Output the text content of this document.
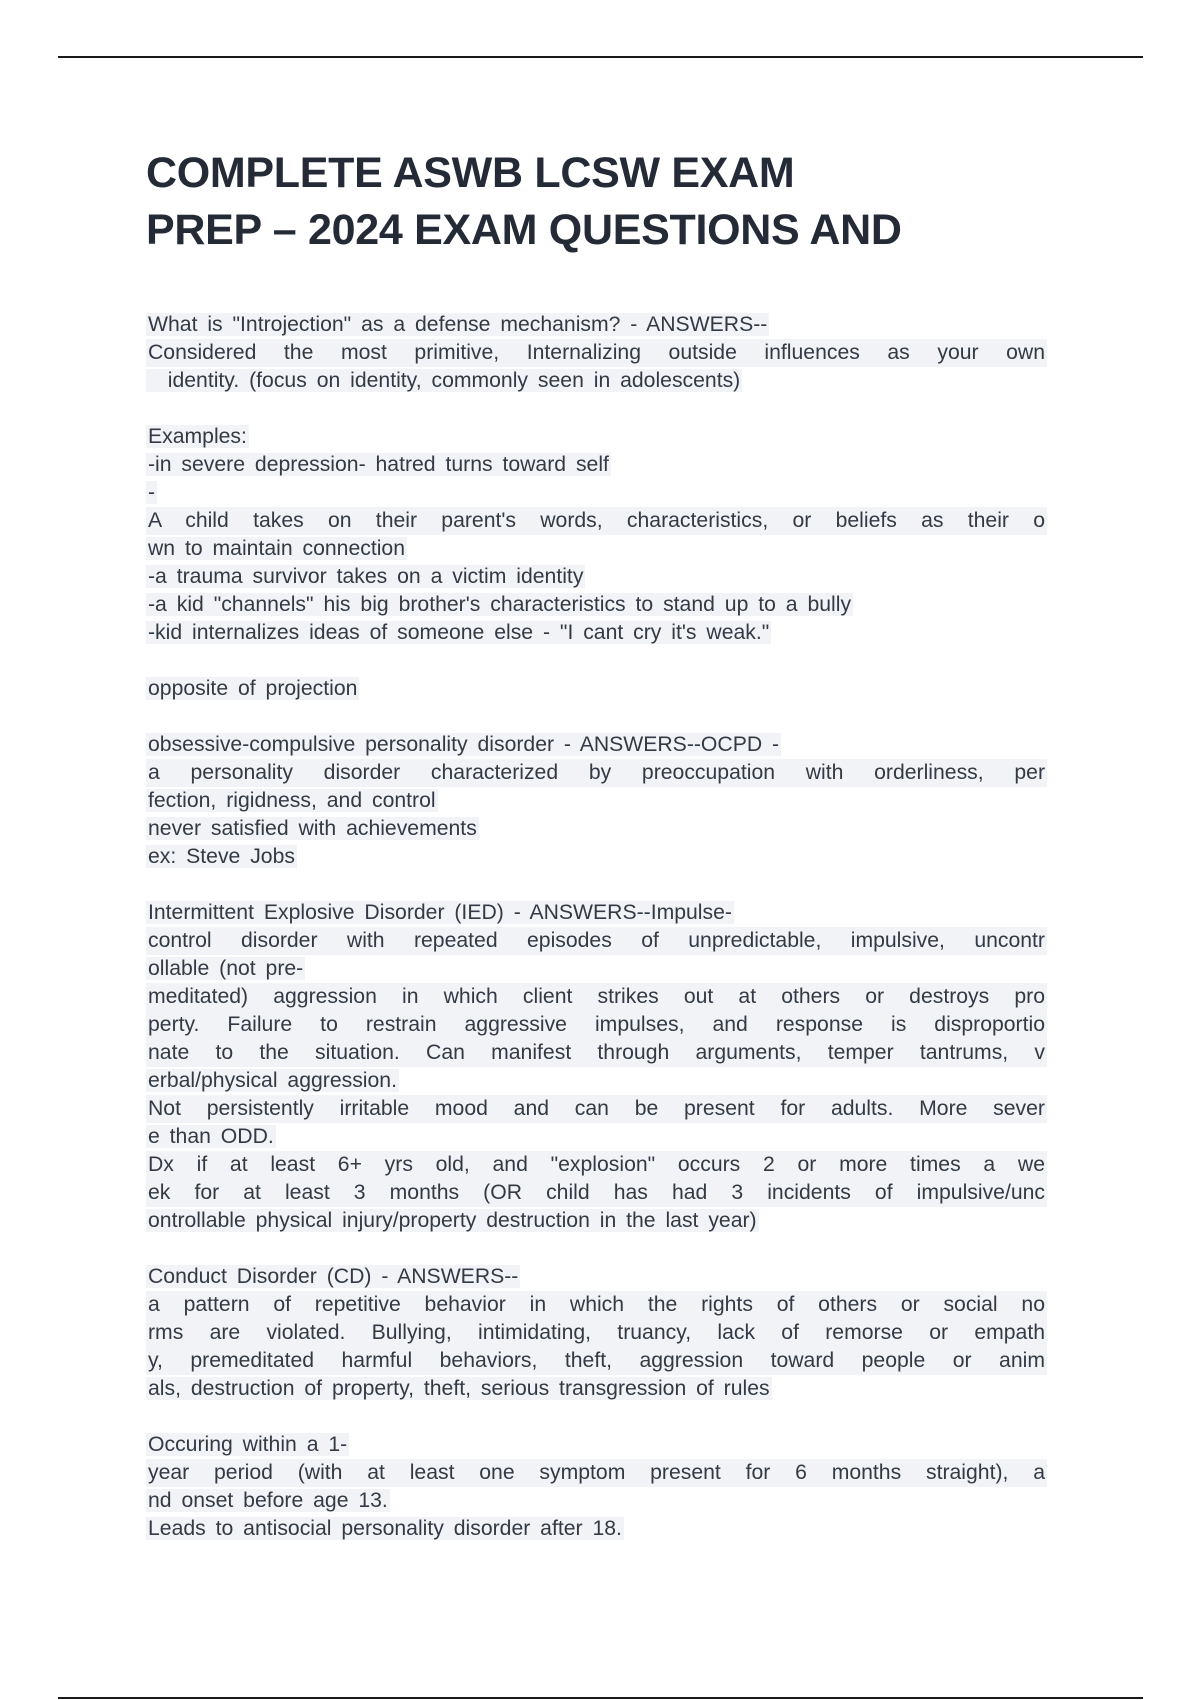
COMPLETE ASWB LCSW EXAM
PREP – 2024 EXAM QUESTIONS AND
What is "Introjection" as a defense mechanism? - ANSWERS--
Considered the most primitive, Internalizing outside influences as your own
identity. (focus on identity, commonly seen in adolescents)
Examples:
-in severe depression- hatred turns toward self
-
A child takes on their parent's words, characteristics, or beliefs as their o
wn to maintain connection
-a trauma survivor takes on a victim identity
-a kid "channels" his big brother's characteristics to stand up to a bully
-kid internalizes ideas of someone else - "I cant cry it's weak."
opposite of projection
obsessive-compulsive personality disorder - ANSWERS--OCPD -
a personality disorder characterized by preoccupation with orderliness, per
fection, rigidness, and control
never satisfied with achievements
ex: Steve Jobs
Intermittent Explosive Disorder (IED) - ANSWERS--Impulse-
control disorder with repeated episodes of unpredictable, impulsive, uncontr
ollable (not pre-
meditated) aggression in which client strikes out at others or destroys pro
perty. Failure to restrain aggressive impulses, and response is disproportio
nate to the situation. Can manifest through arguments, temper tantrums, v
erbal/physical aggression.
Not persistently irritable mood and can be present for adults. More sever
e than ODD.
Dx if at least 6+ yrs old, and "explosion" occurs 2 or more times a we
ek for at least 3 months (OR child has had 3 incidents of impulsive/unc
ontrollable physical injury/property destruction in the last year)
Conduct Disorder (CD) - ANSWERS--
a pattern of repetitive behavior in which the rights of others or social no
rms are violated. Bullying, intimidating, truancy, lack of remorse or empath
y, premeditated harmful behaviors, theft, aggression toward people or anim
als, destruction of property, theft, serious transgression of rules
Occuring within a 1-
year period (with at least one symptom present for 6 months straight), a
nd onset before age 13.
Leads to antisocial personality disorder after 18.
